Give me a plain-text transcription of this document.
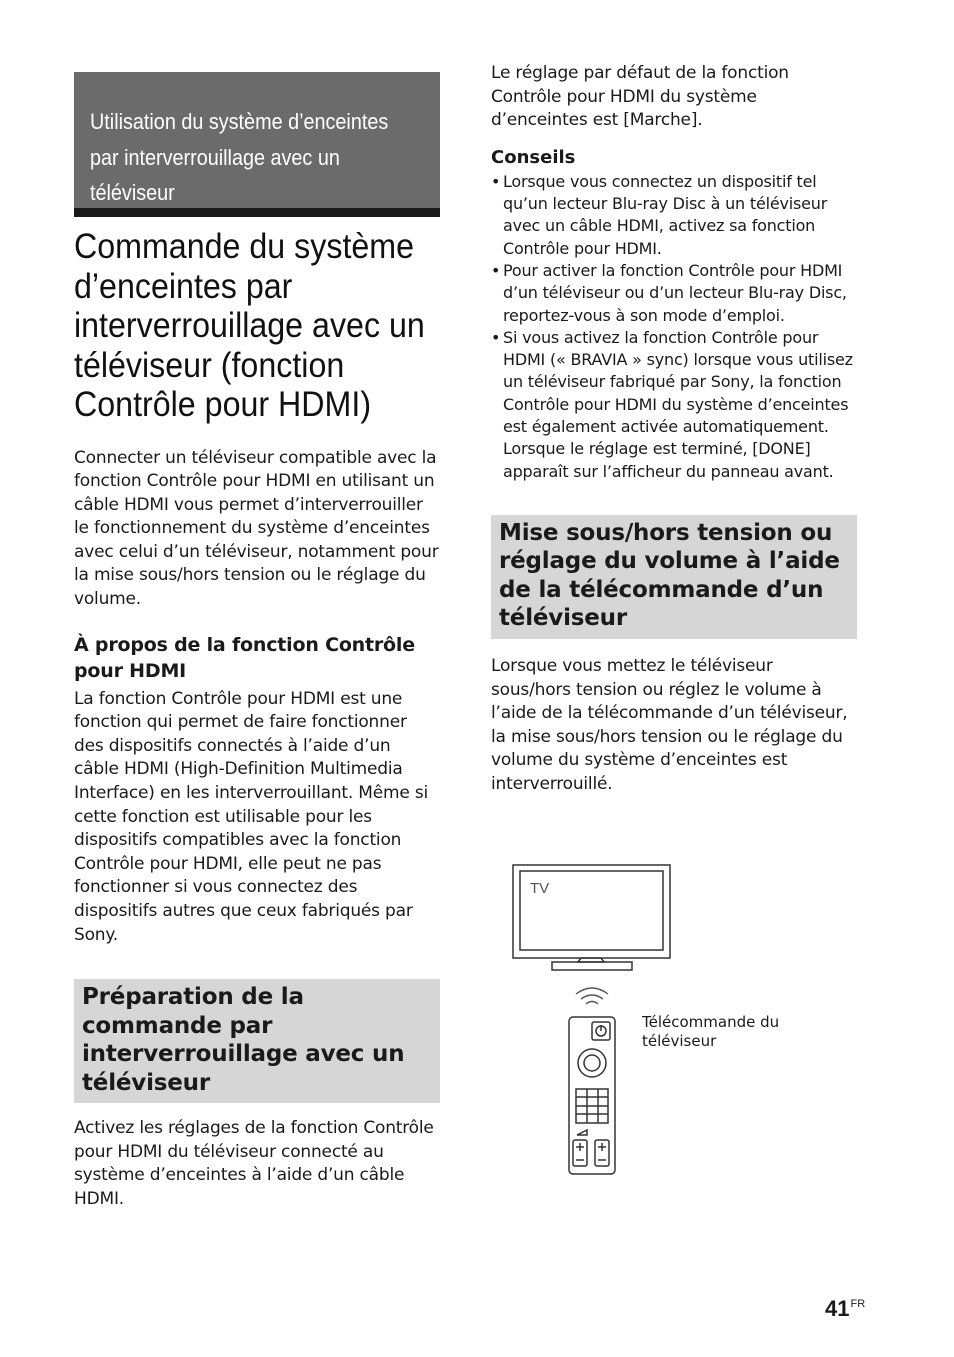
Utilisation du système d’enceintes
par interverrouillage avec un
téléviseur
Commande du système
d’enceintes par
interverrouillage avec un
téléviseur (fonction
Contrôle pour HDMI)

Connecter un téléviseur compatible avec la fonction Contrôle pour HDMI en utilisant un câble HDMI vous permet d’interverrouiller le fonctionnement du système d’enceintes avec celui d’un téléviseur, notamment pour la mise sous/hors tension ou le réglage du volume.

À propos de la fonction Contrôle pour HDMI

La fonction Contrôle pour HDMI est une fonction qui permet de faire fonctionner des dispositifs connectés à l’aide d’un câble HDMI (High-Definition Multimedia Interface) en les interverrouillant. Même si cette fonction est utilisable pour les dispositifs compatibles avec la fonction Contrôle pour HDMI, elle peut ne pas fonctionner si vous connectez des dispositifs autres que ceux fabriqués par Sony.

Préparation de la commande par interverrouillage avec un téléviseur

Activez les réglages de la fonction Contrôle pour HDMI du téléviseur connecté au système d’enceintes à l’aide d’un câble HDMI.

Le réglage par défaut de la fonction Contrôle pour HDMI du système d’enceintes est [Marche].

Conseils
• Lorsque vous connectez un dispositif tel qu’un lecteur Blu-ray Disc à un téléviseur avec un câble HDMI, activez sa fonction Contrôle pour HDMI.
• Pour activer la fonction Contrôle pour HDMI d’un téléviseur ou d’un lecteur Blu-ray Disc, reportez-vous à son mode d’emploi.
• Si vous activez la fonction Contrôle pour HDMI (« BRAVIA » sync) lorsque vous utilisez un téléviseur fabriqué par Sony, la fonction Contrôle pour HDMI du système d’enceintes est également activée automatiquement. Lorsque le réglage est terminé, [DONE] apparaît sur l’afficheur du panneau avant.
Mise sous/hors tension ou réglage du volume à l’aide de la télécommande d’un téléviseur

Lorsque vous mettez le téléviseur sous/hors tension ou réglez le volume à l’aide de la télécommande d’un téléviseur, la mise sous/hors tension ou le réglage du volume du système d’enceintes est interverrouillé.

TV
Télécommande du téléviseur
$41^{FR}$
